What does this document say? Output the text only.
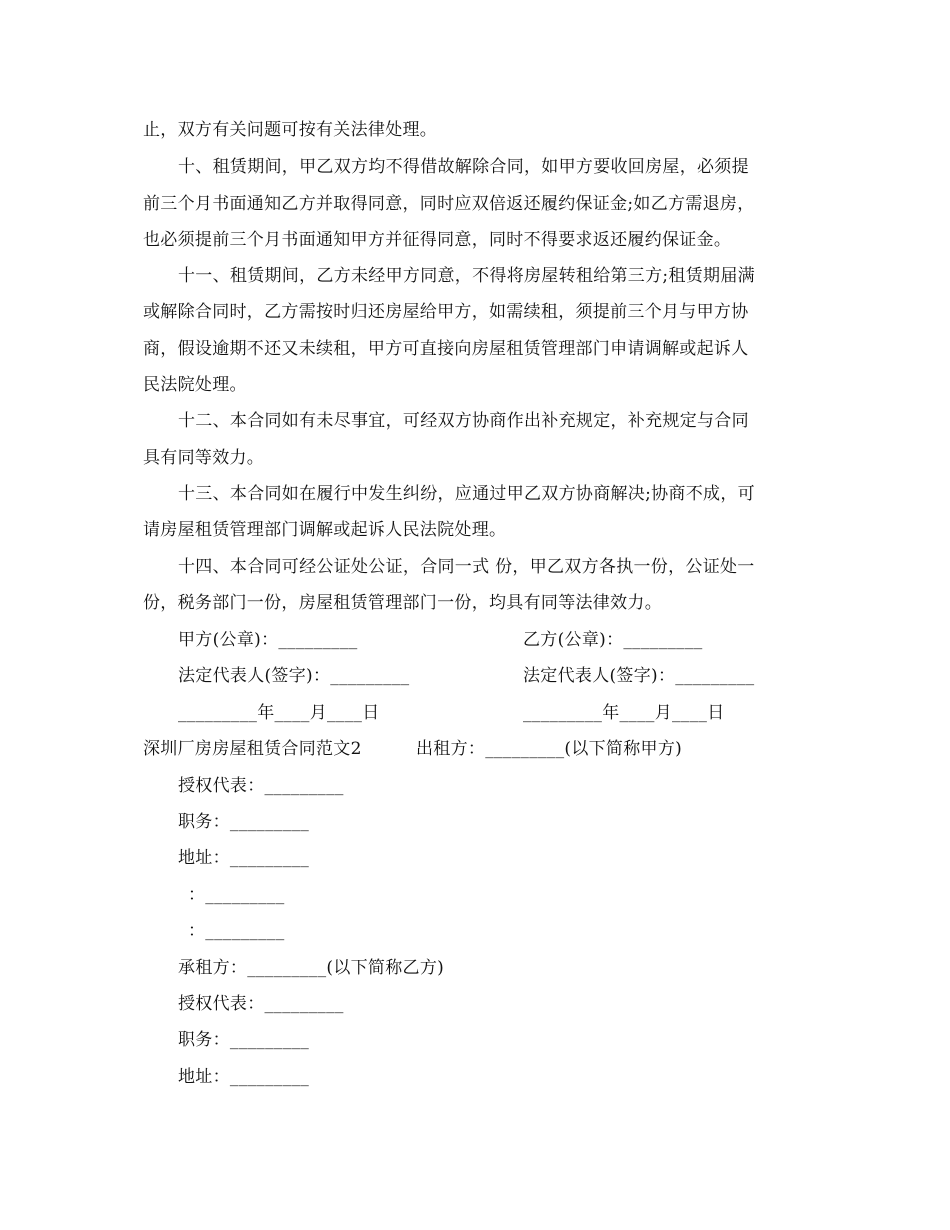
止，双方有关问题可按有关法律处理。
十、租赁期间，甲乙双方均不得借故解除合同，如甲方要收回房屋，必须提
前三个月书面通知乙方并取得同意，同时应双倍返还履约保证金;如乙方需退房，
也必须提前三个月书面通知甲方并征得同意，同时不得要求返还履约保证金。
十一、租赁期间，乙方未经甲方同意，不得将房屋转租给第三方;租赁期届满
或解除合同时，乙方需按时归还房屋给甲方，如需续租，须提前三个月与甲方协
商，假设逾期不还又未续租，甲方可直接向房屋租赁管理部门申请调解或起诉人
民法院处理。
十二、本合同如有未尽事宜，可经双方协商作出补充规定，补充规定与合同
具有同等效力。
十三、本合同如在履行中发生纠纷，应通过甲乙双方协商解决;协商不成，可
请房屋租赁管理部门调解或起诉人民法院处理。
十四、本合同可经公证处公证，合同一式 份，甲乙双方各执一份，公证处一
份，税务部门一份，房屋租赁管理部门一份，均具有同等法律效力。
甲方(公章)：_________	乙方(公章)：_________
法定代表人(签字)：_________	法定代表人(签字)：_________
_________年____月____日	_________年____月____日
深圳厂房房屋租赁合同范文2	出租方：_________(以下简称甲方)
授权代表：_________
职务：_________
地址：_________
：_________
：_________
承租方：_________(以下简称乙方)
授权代表：_________
职务：_________
地址：_________
